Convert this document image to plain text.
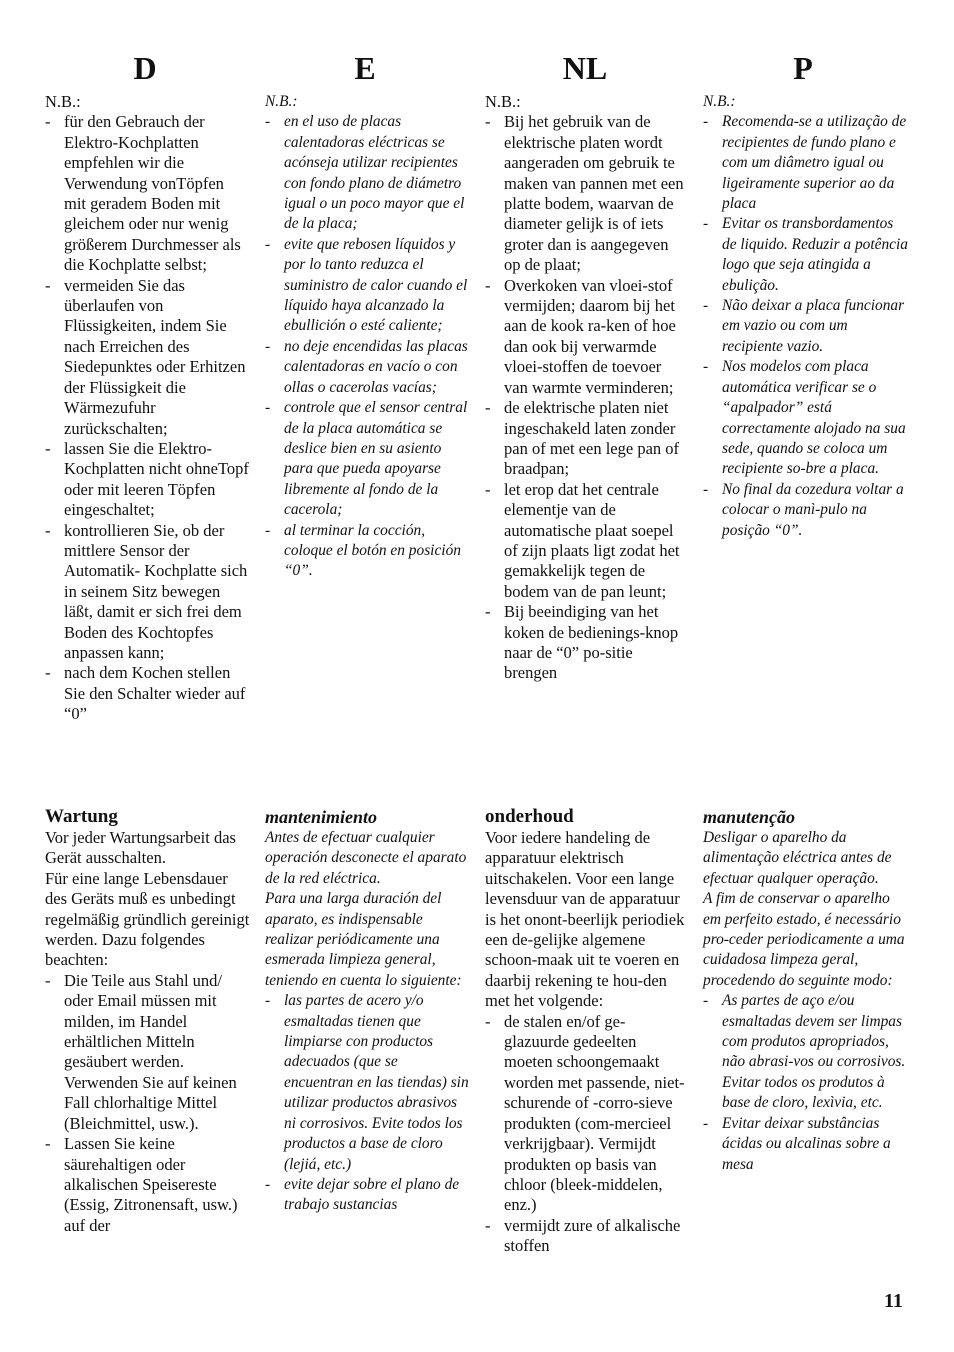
D

N.B.:

- für den Gebrauch der Elektro-Kochplatten empfehlen wir die Verwendung vonTöpfen mit geradem Boden mit gleichem oder nur wenig größerem Durchmesser als die Kochplatte selbst;
- vermeiden Sie das überlaufen von Flüssigkeiten, indem Sie nach Erreichen des Siedepunktes oder Erhitzen der Flüssigkeit die Wärmezufuhr zurückschalten;
- lassen Sie die Elektro-Kochplatten nicht ohneTopf oder mit leeren Töpfen eingeschaltet;
- kontrollieren Sie, ob der mittlere Sensor der Automatik- Kochplatte sich in seinem Sitz bewegen läßt, damit er sich frei dem Boden des Kochtopfes anpassen kann;
- nach dem Kochen stellen Sie den Schalter wieder auf “0”

Wartung

Vor jeder Wartungsarbeit das Gerät ausschalten.

Für eine lange Lebensdauer des Geräts muß es unbedingt regelmäßig gründlich gereinigt werden. Dazu folgendes beachten:

- Die Teile aus Stahl und/ oder Email müssen mit milden, im Handel erhältlichen Mitteln gesäubert werden. Verwenden Sie auf keinen Fall chlorhaltige Mittel (Bleichmittel, usw.).
- Lassen Sie keine säurehaltigen oder alkalischen Speisereste (Essig, Zitronensaft, usw.) auf der
E

N.B.:

- en el uso de placas calentadoras eléctricas se acónseja utilizar recipientes con fondo plano de diámetro igual o un poco mayor que el de la placa;
- evite que rebosen líquidos y por lo tanto reduzca el suministro de calor cuando el líquido haya alcanzado la ebullición o esté caliente;
- no deje encendidas las placas calentadoras en vacío o con ollas o cacerolas vacías;
- controle que el sensor central de la placa automática se deslice bien en su asiento para que pueda apoyarse libremente al fondo de la cacerola;
- al terminar la cocción, coloque el botón en posición “0”.

mantenimiento

Antes de efectuar cualquier operación desconecte el aparato de la red eléctrica.

Para una larga duración del aparato, es indispensable realizar periódicamente una esmerada limpieza general, teniendo en cuenta lo siguiente:

- las partes de acero y/o esmaltadas tienen que limpiarse con productos adecuados (que se encuentran en las tiendas) sin utilizar productos abrasivos ni corrosivos. Evite todos los productos a base de cloro (lejiá, etc.)
- evite dejar sobre el plano de trabajo sustancias
NL

N.B.:

- Bij het gebruik van de elektrische platen wordt aangeraden om gebruik te maken van pannen met een platte bodem, waarvan de diameter gelijk is of iets groter dan is aangegeven op de plaat;
- Overkoken van vloei-stof vermijden; daarom bij het aan de kook ra-ken of hoe dan ook bij verwarmde vloei-stoffen de toevoer van warmte verminderen;
- de elektrische platen niet ingeschakeld laten zonder pan of met een lege pan of braadpan;
- let erop dat het centrale elementje van de automatische plaat soepel of zijn plaats ligt zodat het gemakkelijk tegen de bodem van de pan leunt;
- Bij beeindiging van het koken de bedienings-knop naar de “0” po-sitie brengen

onderhoud

Voor iedere handeling de apparatuur elektrisch uitschakelen. Voor een lange levensduur van de apparatuur is het onont-beerlijk periodiek een de-gelijke algemene schoon-maak uit te voeren en daarbij rekening te hou-den met het volgende:

- de stalen en/of ge-glazuurde gedeelten moeten schoongemaakt worden met passende, niet-schurende of -corro-sieve produkten (com-mercieel verkrijgbaar). Vermijdt produkten op basis van chloor (bleek-middelen, enz.)
- vermijdt zure of alkalische stoffen
P

N.B.:

- Recomenda-se a utilização de recipientes de fundo plano e com um diâmetro igual ou ligeiramente superior ao da placa
- Evitar os transbordamentos de liquido. Reduzir a potência logo que seja atingida a ebulição.
- Não deixar a placa funcionar em vazio ou com um recipiente vazio.
- Nos modelos com placa automática verificar se o “apalpador” está correctamente alojado na sua sede, quando se coloca um recipiente so-bre a placa.
- No final da cozedura voltar a colocar o manì-pulo na posição “0”.

manutenção

Desligar o aparelho da alimentação eléctrica antes de efectuar qualquer operação.

A fim de conservar o aparelho em perfeito estado, é necessário pro-ceder periodicamente a uma cuidadosa limpeza geral, procedendo do seguinte modo:

- As partes de aço e/ou esmaltadas devem ser limpas com produtos apropriados, não abrasi-vos ou corrosivos. Evitar todos os produtos à base de cloro, lexìvia, etc.
- Evitar deixar substâncias ácidas ou alcalinas sobre a mesa
11
